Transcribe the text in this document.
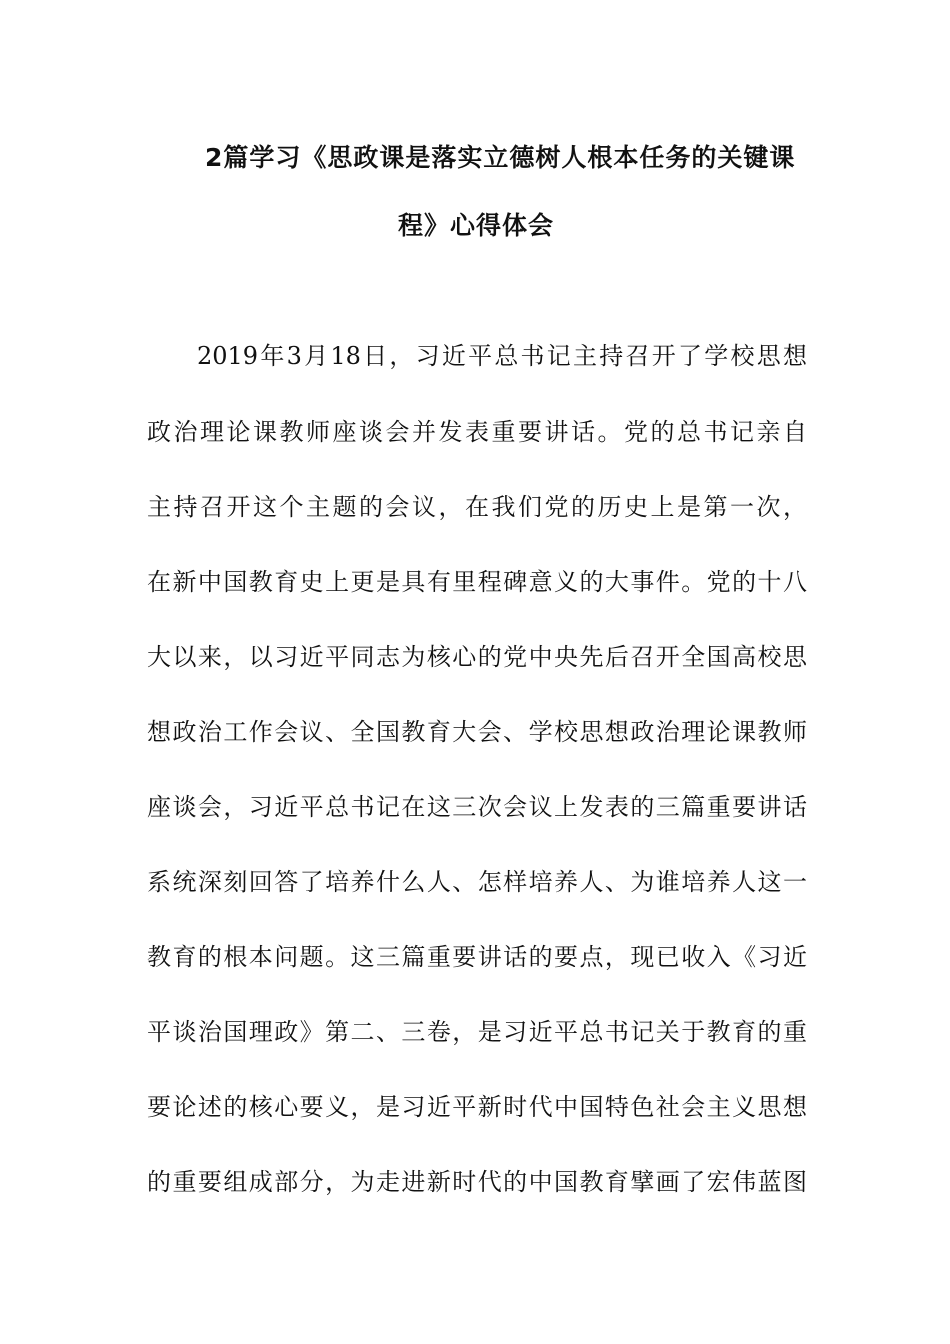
2篇学习《思政课是落实立德树人根本任务的关键课
程》心得体会
2019年3月18日，习近平总书记主持召开了学校思想
政治理论课教师座谈会并发表重要讲话。党的总书记亲自
主持召开这个主题的会议，在我们党的历史上是第一次，
在新中国教育史上更是具有里程碑意义的大事件。党的十八
大以来，以习近平同志为核心的党中央先后召开全国高校思
想政治工作会议、全国教育大会、学校思想政治理论课教师
座谈会，习近平总书记在这三次会议上发表的三篇重要讲话
系统深刻回答了培养什么人、怎样培养人、为谁培养人这一
教育的根本问题。这三篇重要讲话的要点，现已收入《习近
平谈治国理政》第二、三卷，是习近平总书记关于教育的重
要论述的核心要义，是习近平新时代中国特色社会主义思想
的重要组成部分，为走进新时代的中国教育擘画了宏伟蓝图
